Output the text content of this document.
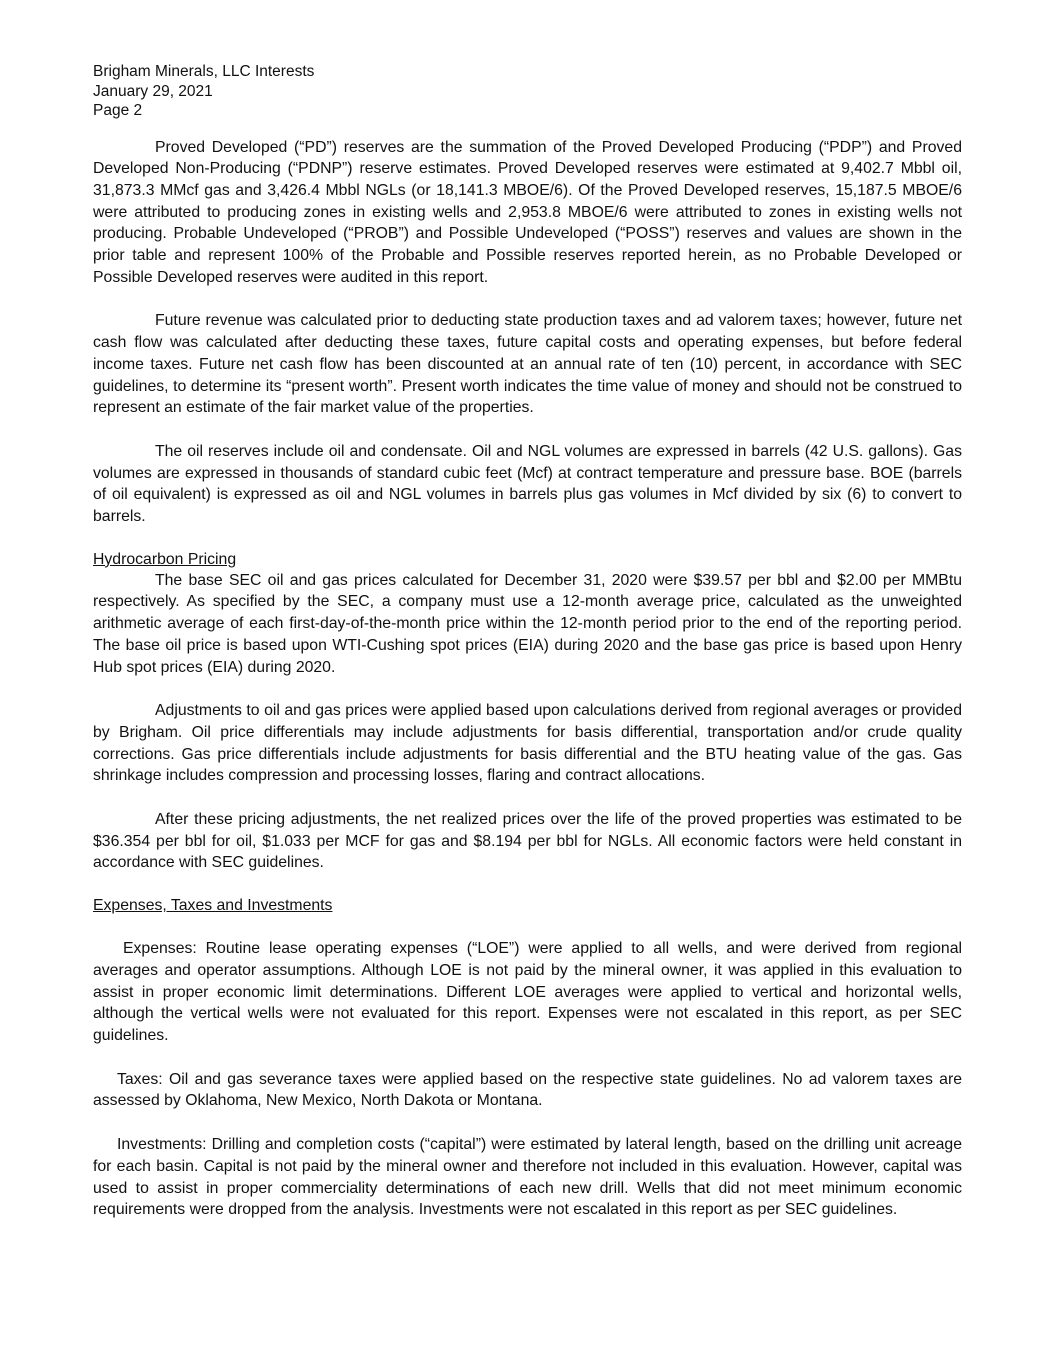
Brigham Minerals, LLC Interests
January 29, 2021
Page 2

Proved Developed (“PD”) reserves are the summation of the Proved Developed Producing (“PDP”) and Proved Developed Non-Producing (“PDNP”) reserve estimates. Proved Developed reserves were estimated at 9,402.7 Mbbl oil, 31,873.3 MMcf gas and 3,426.4 Mbbl NGLs (or 18,141.3 MBOE/6). Of the Proved Developed reserves, 15,187.5 MBOE/6 were attributed to producing zones in existing wells and 2,953.8 MBOE/6 were attributed to zones in existing wells not producing. Probable Undeveloped (“PROB”) and Possible Undeveloped (“POSS”) reserves and values are shown in the prior table and represent 100% of the Probable and Possible reserves reported herein, as no Probable Developed or Possible Developed reserves were audited in this report.

Future revenue was calculated prior to deducting state production taxes and ad valorem taxes; however, future net cash flow was calculated after deducting these taxes, future capital costs and operating expenses, but before federal income taxes. Future net cash flow has been discounted at an annual rate of ten (10) percent, in accordance with SEC guidelines, to determine its “present worth”. Present worth indicates the time value of money and should not be construed to represent an estimate of the fair market value of the properties.

The oil reserves include oil and condensate. Oil and NGL volumes are expressed in barrels (42 U.S. gallons). Gas volumes are expressed in thousands of standard cubic feet (Mcf) at contract temperature and pressure base. BOE (barrels of oil equivalent) is expressed as oil and NGL volumes in barrels plus gas volumes in Mcf divided by six (6) to convert to barrels.

Hydrocarbon Pricing

The base SEC oil and gas prices calculated for December 31, 2020 were $39.57 per bbl and $2.00 per MMBtu respectively. As specified by the SEC, a company must use a 12-month average price, calculated as the unweighted arithmetic average of each first-day-of-the-month price within the 12-month period prior to the end of the reporting period. The base oil price is based upon WTI-Cushing spot prices (EIA) during 2020 and the base gas price is based upon Henry Hub spot prices (EIA) during 2020.

Adjustments to oil and gas prices were applied based upon calculations derived from regional averages or provided by Brigham. Oil price differentials may include adjustments for basis differential, transportation and/or crude quality corrections. Gas price differentials include adjustments for basis differential and the BTU heating value of the gas. Gas shrinkage includes compression and processing losses, flaring and contract allocations.

After these pricing adjustments, the net realized prices over the life of the proved properties was estimated to be $36.354 per bbl for oil, $1.033 per MCF for gas and $8.194 per bbl for NGLs. All economic factors were held constant in accordance with SEC guidelines.

Expenses, Taxes and Investments

Expenses: Routine lease operating expenses (“LOE”) were applied to all wells, and were derived from regional averages and operator assumptions. Although LOE is not paid by the mineral owner, it was applied in this evaluation to assist in proper economic limit determinations. Different LOE averages were applied to vertical and horizontal wells, although the vertical wells were not evaluated for this report. Expenses were not escalated in this report, as per SEC guidelines.

Taxes: Oil and gas severance taxes were applied based on the respective state guidelines. No ad valorem taxes are assessed by Oklahoma, New Mexico, North Dakota or Montana.

Investments: Drilling and completion costs (“capital”) were estimated by lateral length, based on the drilling unit acreage for each basin. Capital is not paid by the mineral owner and therefore not included in this evaluation. However, capital was used to assist in proper commerciality determinations of each new drill. Wells that did not meet minimum economic requirements were dropped from the analysis. Investments were not escalated in this report as per SEC guidelines.
